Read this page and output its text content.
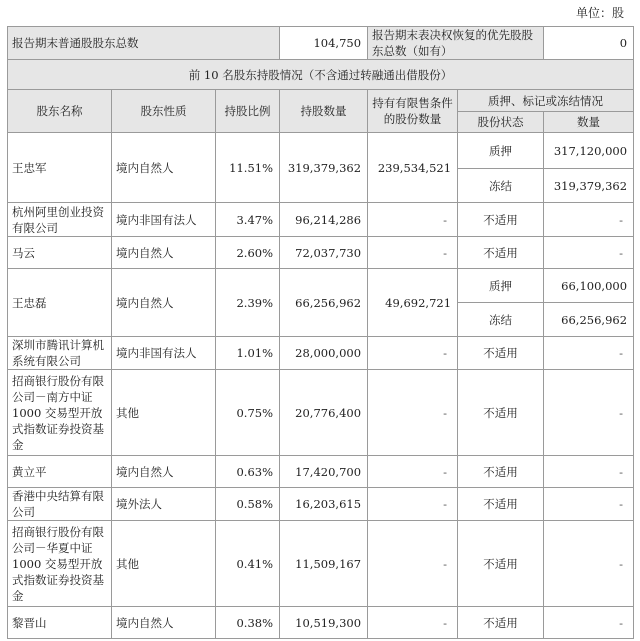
单位：股
报告期末普通股股东总数			104,750	报告期末表决权恢复的优先股股东总数（如有）		0
前 10 名股东持股情况（不含通过转融通出借股份）						
股东名称	股东性质	持股比例	持股数量	持有有限售条件的股份数量	质押、标记或冻结情况	
					股份状态	数量
王忠军	境内自然人	11.51%	319,379,362	239,534,521	质押	317,120,000
					冻结	319,379,362
杭州阿里创业投资有限公司	境内非国有法人	3.47%	96,214,286	-	不适用	-
马云	境内自然人	2.60%	72,037,730	-	不适用	-
王忠磊	境内自然人	2.39%	66,256,962	49,692,721	质押	66,100,000
					冻结	66,256,962
深圳市腾讯计算机系统有限公司	境内非国有法人	1.01%	28,000,000	-	不适用	-
招商银行股份有限公司－南方中证 1000 交易型开放式指数证券投资基金	其他	0.75%	20,776,400	-	不适用	-
黄立平	境内自然人	0.63%	17,420,700	-	不适用	-
香港中央结算有限公司	境外法人	0.58%	16,203,615	-	不适用	-
招商银行股份有限公司－华夏中证 1000 交易型开放式指数证券投资基金	其他	0.41%	11,509,167	-	不适用	-
黎晋山	境内自然人	0.38%	10,519,300	-	不适用	-
